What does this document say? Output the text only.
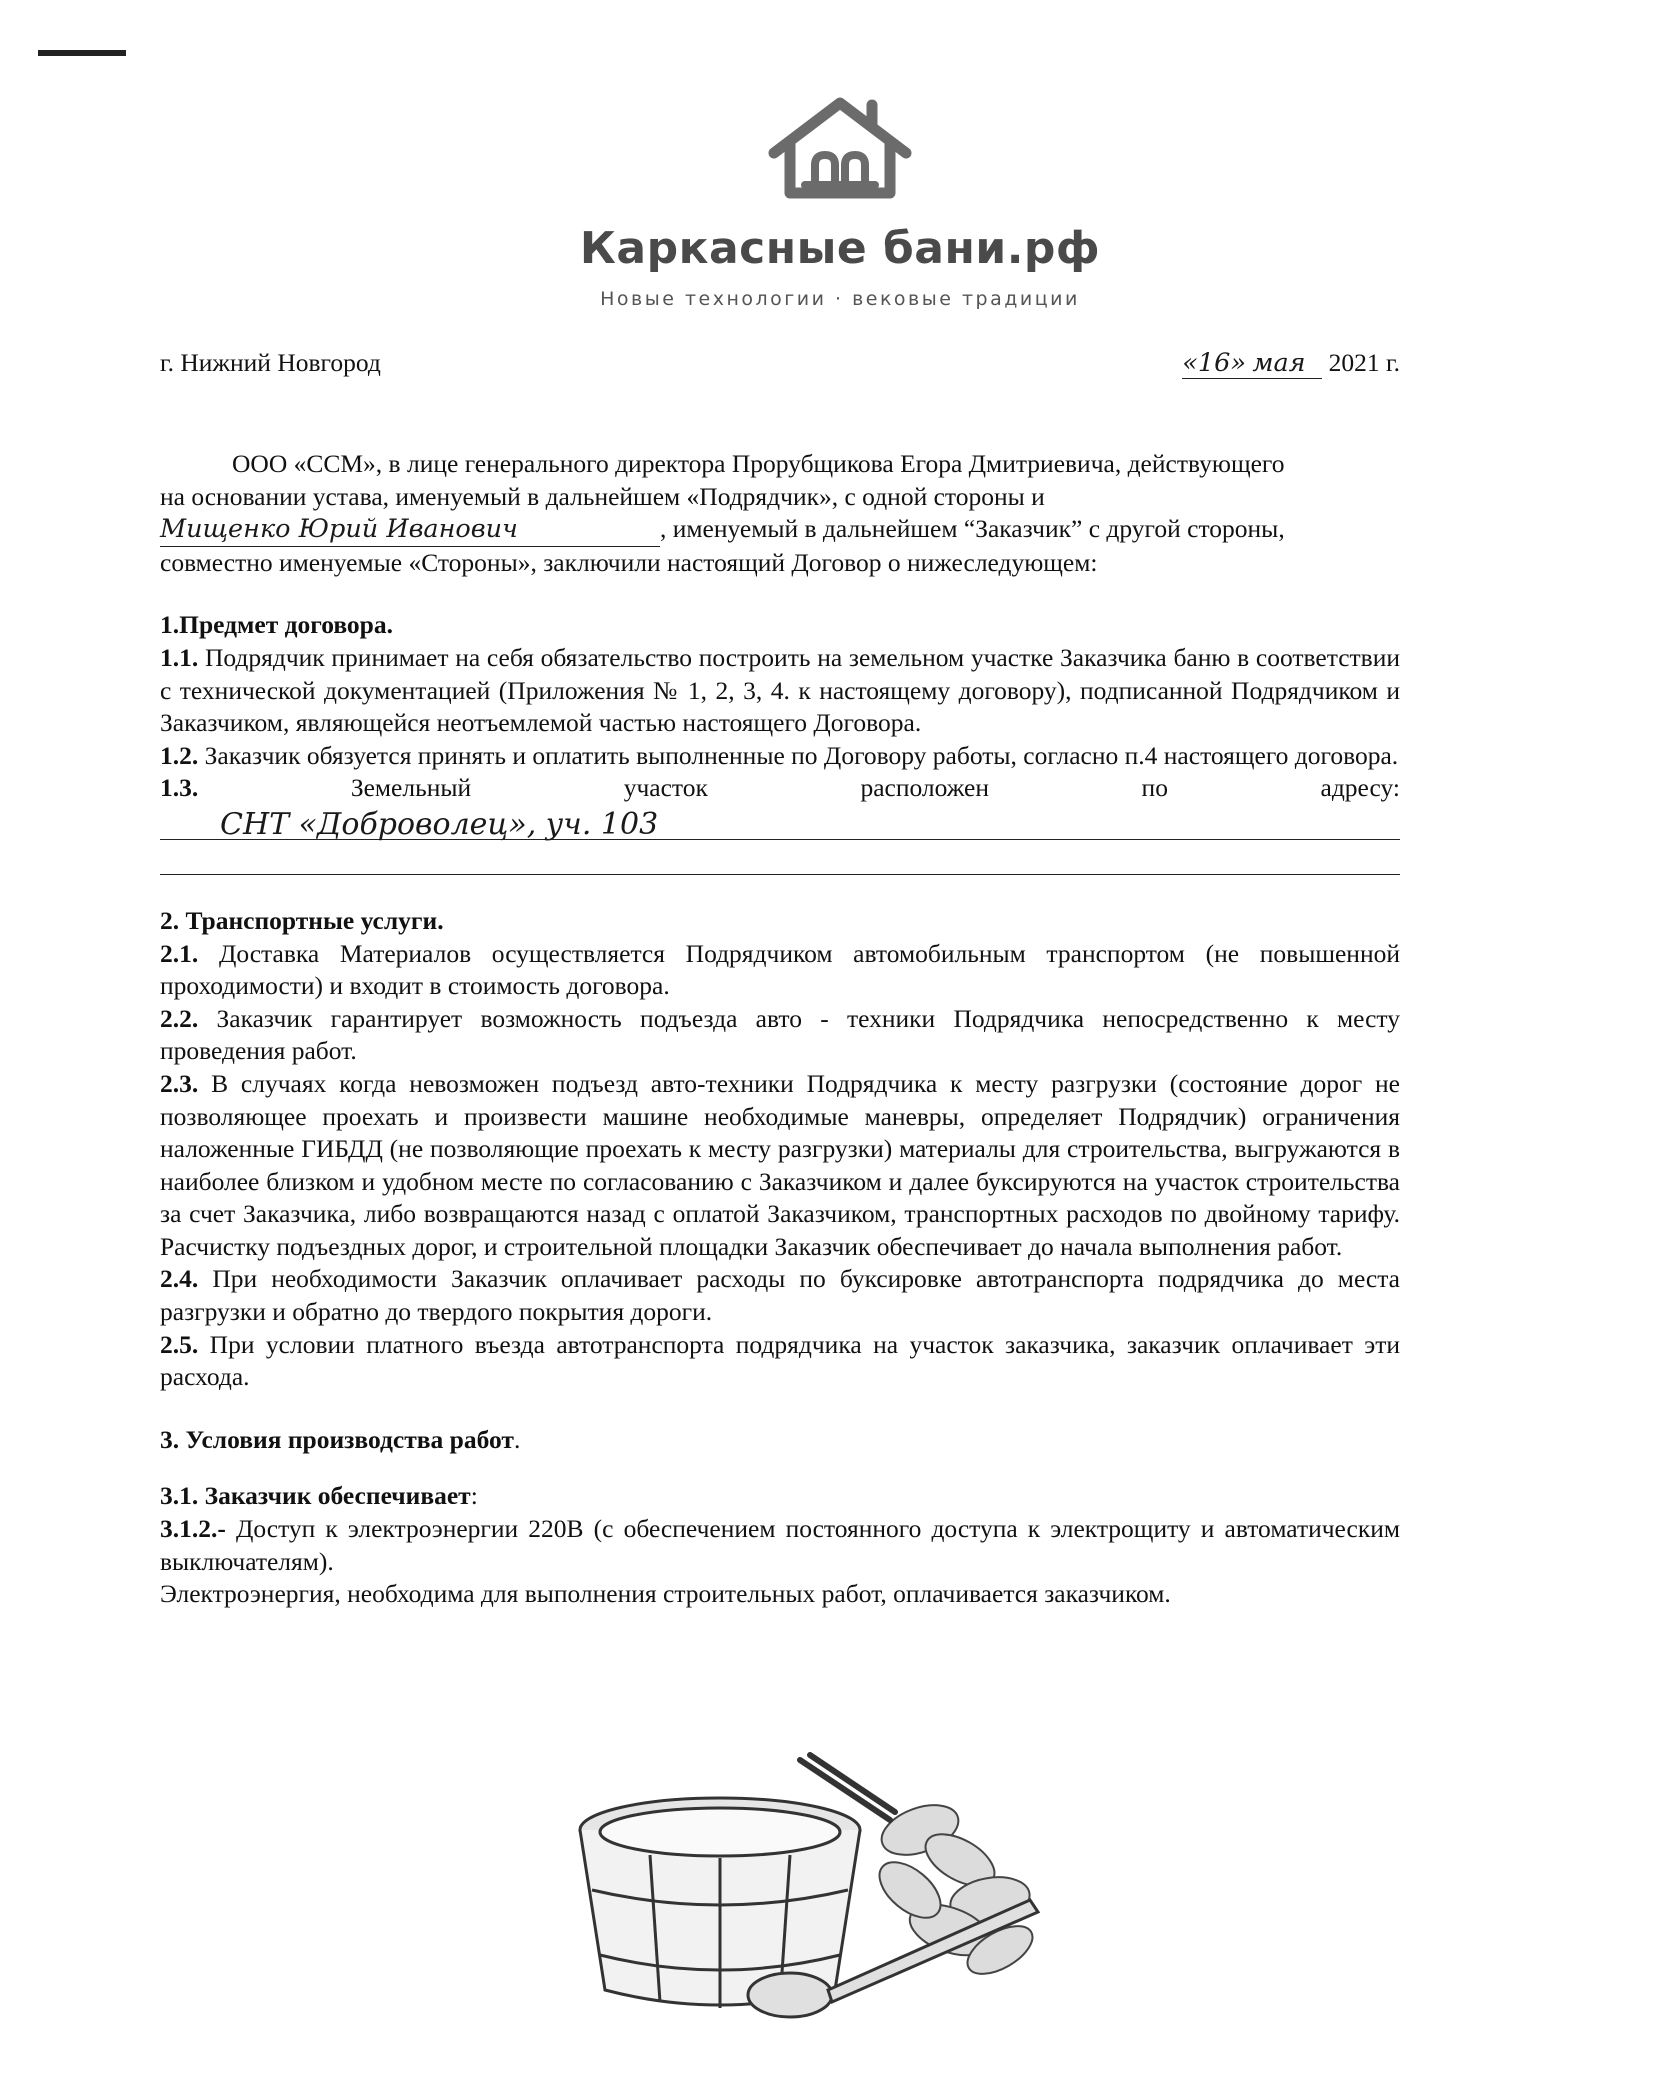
Каркасные бани.рф
Новые технологии · вековые традиции
г. Нижний Новгород	«16» мая 2021 г.

ООО «ССМ», в лице генерального директора Прорубщикова Егора Дмитриевича, действующего

на основании устава, именуемый в дальнейшем «Подрядчик», с одной стороны и

Мищенко Юрий Иванович	, именуемый в дальнейшем “Заказчик” с другой стороны,

совместно именуемые «Стороны», заключили настоящий Договор о нижеследующем:

1.Предмет договора.

1.1. Подрядчик принимает на себя обязательство построить на земельном участке Заказчика баню в соответствии с технической документацией (Приложения № 1, 2, 3, 4. к настоящему договору), подписанной Подрядчиком и Заказчиком, являющейся неотъемлемой частью настоящего Договора.

1.2. Заказчик обязуется принять и оплатить выполненные по Договору работы, согласно п.4 настоящего договора.

1.3.	Земельный	участок	расположен	по	адресу:
СНТ «Доброволец», уч. 103

2. Транспортные услуги.

2.1. Доставка Материалов осуществляется Подрядчиком автомобильным транспортом (не повышенной проходимости) и входит в стоимость договора.

2.2. Заказчик гарантирует возможность подъезда авто - техники Подрядчика непосредственно к месту проведения работ.

2.3. В случаях когда невозможен подъезд авто-техники Подрядчика к месту разгрузки (состояние дорог не позволяющее проехать и произвести машине необходимые маневры, определяет Подрядчик) ограничения наложенные ГИБДД (не позволяющие проехать к месту разгрузки) материалы для строительства, выгружаются в наиболее близком и удобном месте по согласованию с Заказчиком и далее буксируются на участок строительства за счет Заказчика, либо возвращаются назад с оплатой Заказчиком, транспортных расходов по двойному тарифу. Расчистку подъездных дорог, и строительной площадки Заказчик обеспечивает до начала выполнения работ.

2.4. При необходимости Заказчик оплачивает расходы по буксировке автотранспорта подрядчика до места разгрузки и обратно до твердого покрытия дороги.

2.5. При условии платного въезда автотранспорта подрядчика на участок заказчика, заказчик оплачивает эти расхода.

3. Условия производства работ.

3.1. Заказчик обеспечивает:

3.1.2.- Доступ к электроэнергии 220В (с обеспечением постоянного доступа к электрощиту и автоматическим выключателям).

Электроэнергия, необходима для выполнения строительных работ, оплачивается заказчиком.
